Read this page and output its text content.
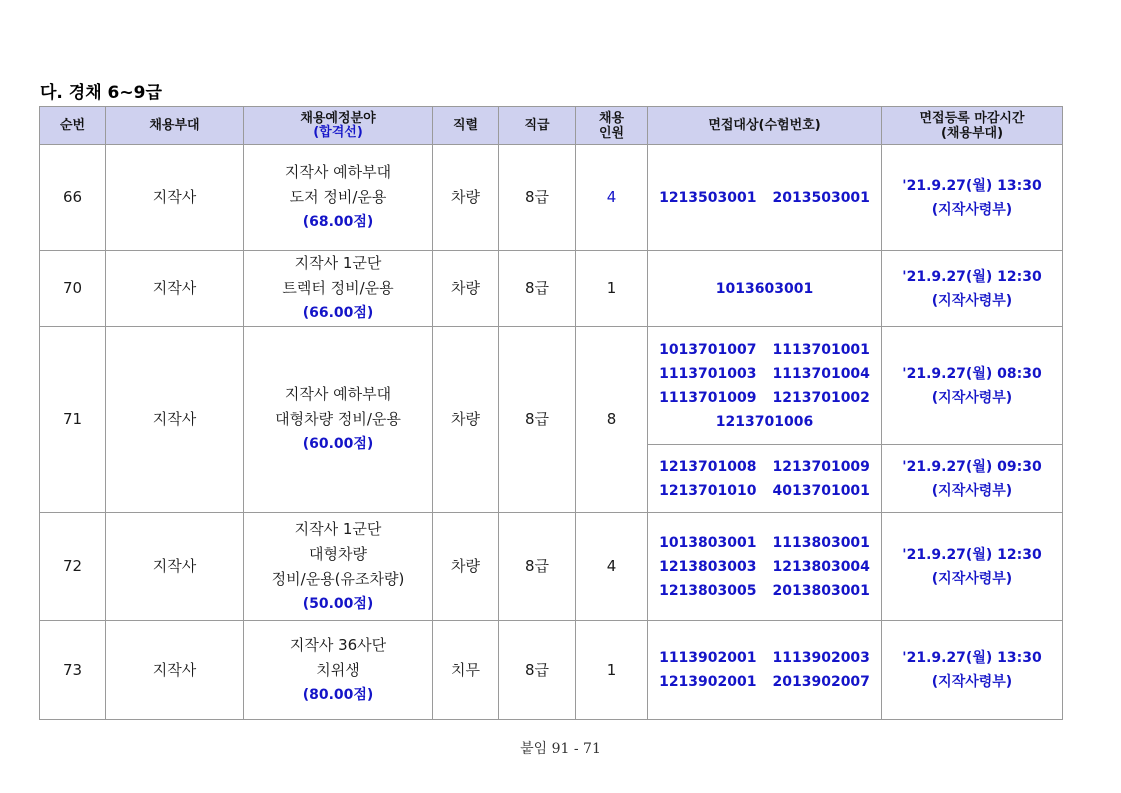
다. 경채 6~9급
순번	채용부대	채용예정분야
(합격선)	직렬	직급	채용
인원	면접대상(수험번호)	면접등록 마감시간
(채용부대)

66	지작사	지작사 예하부대
도저 정비/운용
(68.00점)	차량	8급	4	1213503001 2013503001	'21.9.27(월) 13:30
(지작사령부)

70	지작사	지작사 1군단
트렉터 정비/운용
(66.00점)	차량	8급	1	1013603001	'21.9.27(월) 12:30
(지작사령부)

71	지작사	지작사 예하부대
대형차량 정비/운용
(60.00점)	차량	8급	8	1013701007 1113701001
1113701003 1113701004
1113701009 1213701002
1213701006	'21.9.27(월) 08:30
(지작사령부)

						1213701008 1213701009
1213701010 4013701001	'21.9.27(월) 09:30
(지작사령부)

72	지작사	지작사 1군단
대형차량
정비/운용(유조차량)
(50.00점)	차량	8급	4	1013803001 1113803001
1213803003 1213803004
1213803005 2013803001	'21.9.27(월) 12:30
(지작사령부)

73	지작사	지작사 36사단
치위생
(80.00점)	치무	8급	1	1113902001 1113902003
1213902001 2013902007	'21.9.27(월) 13:30
(지작사령부)
붙임 91 - 71
